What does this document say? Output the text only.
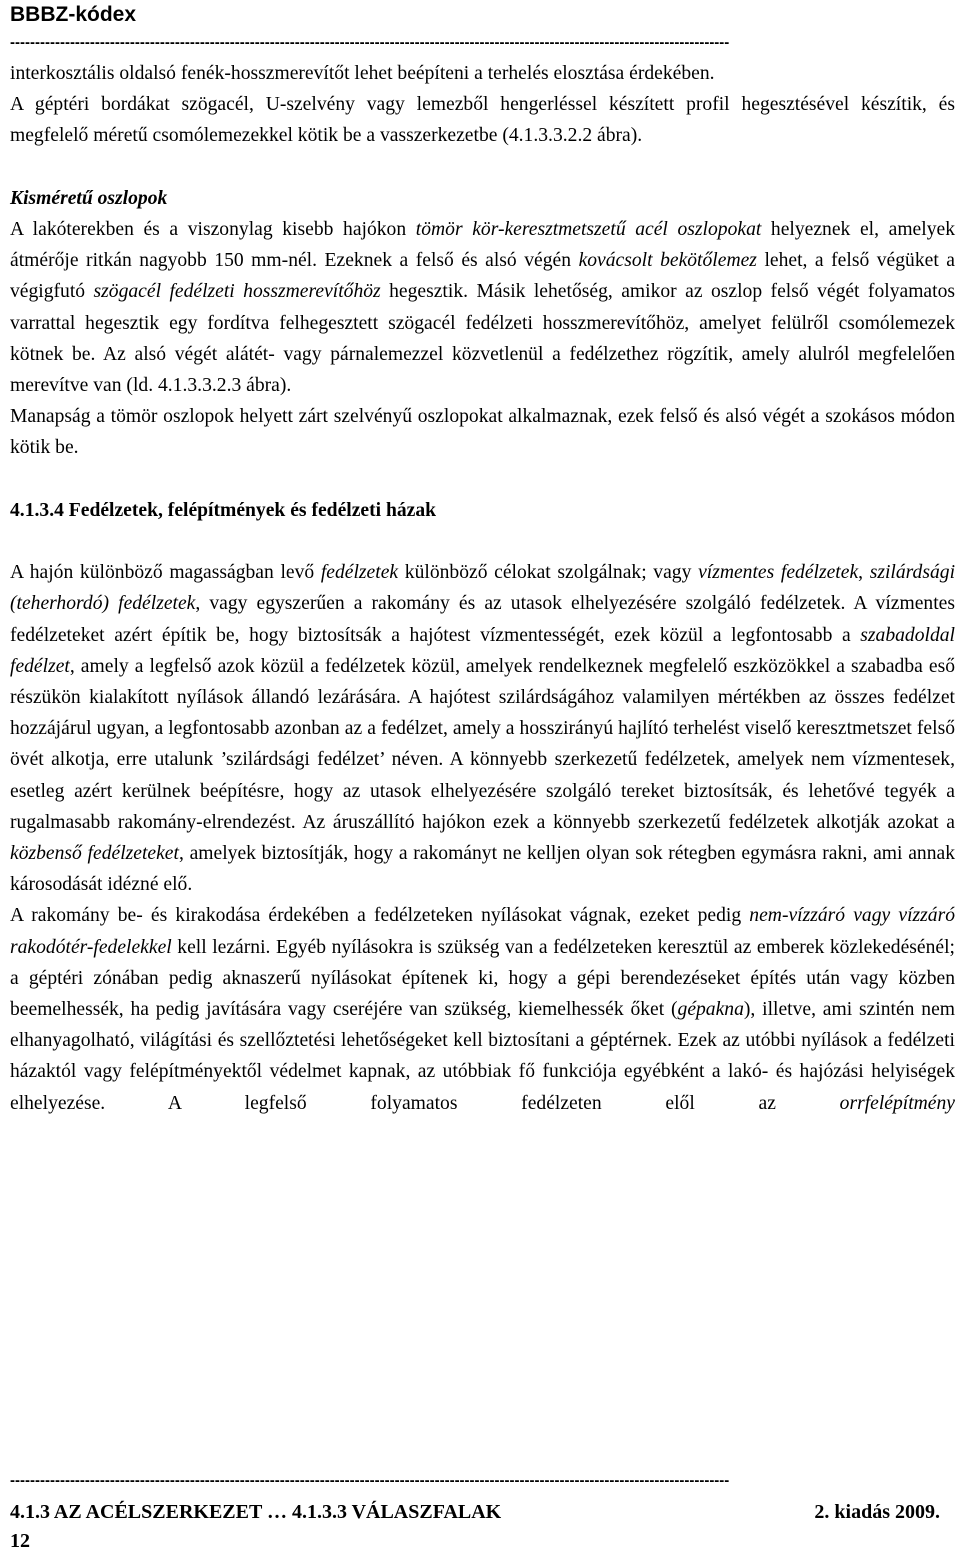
BBBZ-kódex
------------------------------------------------------------------------------------------------------------------------------------------------

interkosztális oldalsó fenék-hosszmerevítőt lehet beépíteni a terhelés elosztása érdekében.

A géptéri bordákat szögacél, U-szelvény vagy lemezből hengerléssel készített profil hegesztésével készítik, és megfelelő méretű csomólemezekkel kötik be a vasszerkezetbe (4.1.3.3.2.2 ábra).

Kisméretű oszlopok

A lakóterekben és a viszonylag kisebb hajókon tömör kör-keresztmetszetű acél oszlopokat helyeznek el, amelyek átmérője ritkán nagyobb 150 mm-nél. Ezeknek a felső és alsó végén kovácsolt bekötőlemez lehet, a felső végüket a végigfutó szögacél fedélzeti hosszmerevítőhöz hegesztik. Másik lehetőség, amikor az oszlop felső végét folyamatos varrattal hegesztik egy fordítva felhegesztett szögacél fedélzeti hosszmerevítőhöz, amelyet felülről csomólemezek kötnek be. Az alsó végét alátét- vagy párnalemezzel közvetlenül a fedélzethez rögzítik, amely alulról megfelelően merevítve van (ld. 4.1.3.3.2.3 ábra).

Manapság a tömör oszlopok helyett zárt szelvényű oszlopokat alkalmaznak, ezek felső és alsó végét a szokásos módon kötik be.

4.1.3.4 Fedélzetek, felépítmények és fedélzeti házak

A hajón különböző magasságban levő fedélzetek különböző célokat szolgálnak; vagy vízmentes fedélzetek, szilárdsági (teherhordó) fedélzetek, vagy egyszerűen a rakomány és az utasok elhelyezésére szolgáló fedélzetek. A vízmentes fedélzeteket azért építik be, hogy biztosítsák a hajótest vízmentességét, ezek közül a legfontosabb a szabadoldal fedélzet, amely a legfelső azok közül a fedélzetek közül, amelyek rendelkeznek megfelelő eszközökkel a szabadba eső részükön kialakított nyílások állandó lezárására. A hajótest szilárdságához valamilyen mértékben az összes fedélzet hozzájárul ugyan, a legfontosabb azonban az a fedélzet, amely a hosszirányú hajlító terhelést viselő keresztmetszet felső övét alkotja, erre utalunk ’szilárdsági fedélzet’ néven. A könnyebb szerkezetű fedélzetek, amelyek nem vízmentesek, esetleg azért kerülnek beépítésre, hogy az utasok elhelyezésére szolgáló tereket biztosítsák, és lehetővé tegyék a rugalmasabb rakomány-elrendezést. Az áruszállító hajókon ezek a könnyebb szerkezetű fedélzetek alkotják azokat a közbenső fedélzeteket, amelyek biztosítják, hogy a rakományt ne kelljen olyan sok rétegben egymásra rakni, ami annak károsodását idézné elő.

A rakomány be- és kirakodása érdekében a fedélzeteken nyílásokat vágnak, ezeket pedig nem-vízzáró vagy vízzáró rakodótér-fedelekkel kell lezárni. Egyéb nyílásokra is szükség van a fedélzeteken keresztül az emberek közlekedésénél; a géptéri zónában pedig aknaszerű nyílásokat építenek ki, hogy a gépi berendezéseket építés után vagy közben beemelhessék, ha pedig javítására vagy cseréjére van szükség, kiemelhessék őket (gépakna), illetve, ami szintén nem elhanyagolható, világítási és szellőztetési lehetőségeket kell biztosítani a géptérnek. Ezek az utóbbi nyílások a fedélzeti házaktól vagy felépítményektől védelmet kapnak, az utóbbiak fő funkciója egyébként a lakó- és hajózási helyiségek elhelyezése. A legfelső folyamatos fedélzeten elől az orrfelépítmény

------------------------------------------------------------------------------------------------------------------------------------------------
4.1.3 AZ ACÉLSZERKEZET … 4.1.3.3 VÁLASZFALAK	2. kiadás 2009.
12
